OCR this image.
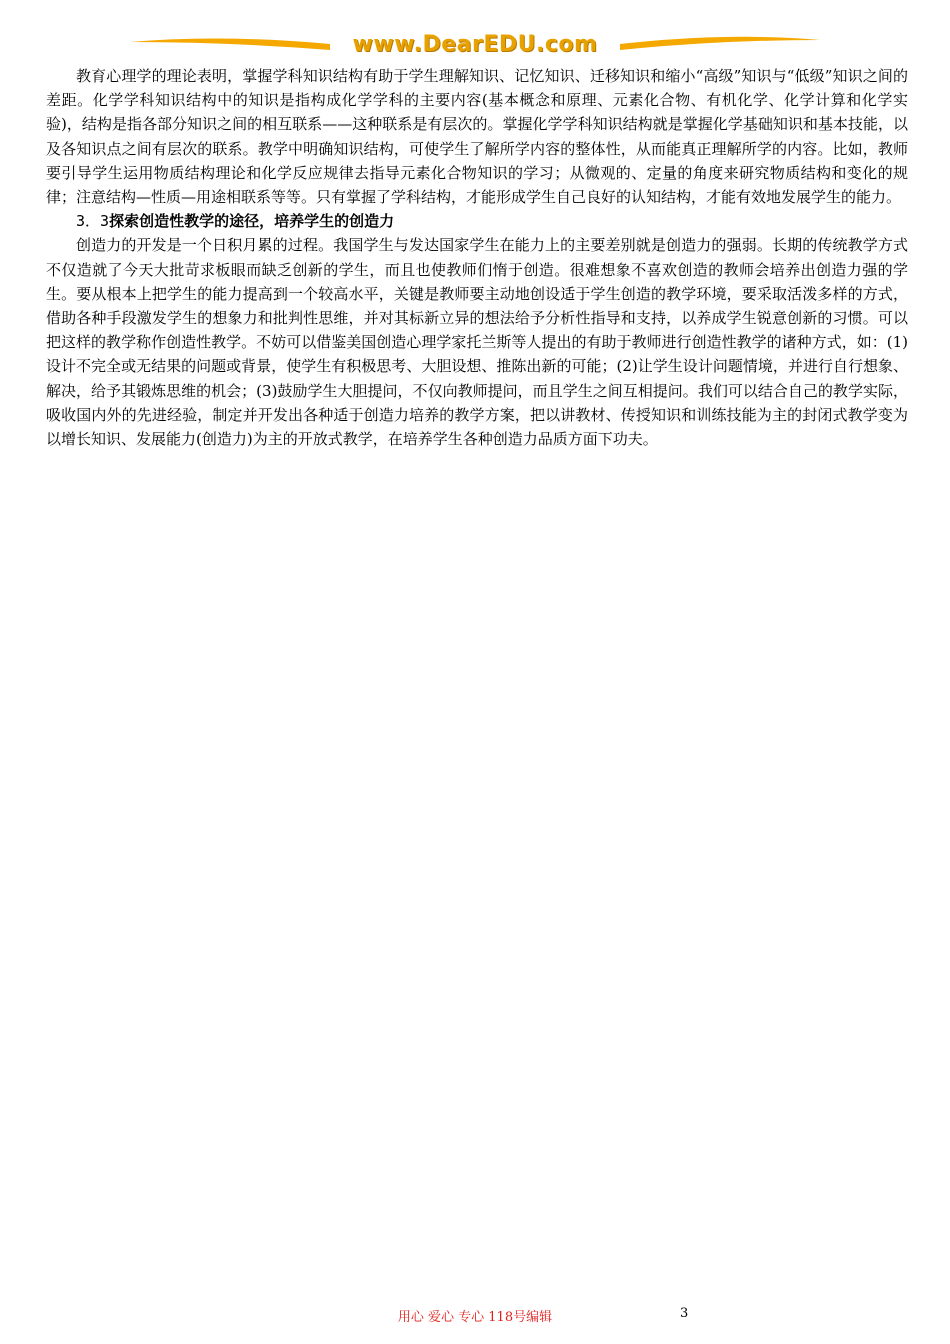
www.DearEDU.com

教育心理学的理论表明，掌握学科知识结构有助于学生理解知识、记忆知识、迁移知识和缩小“高级”知识与“低级”知识之间的差距。化学学科知识结构中的知识是指构成化学学科的主要内容(基本概念和原理、元素化合物、有机化学、化学计算和化学实验)，结构是指各部分知识之间的相互联系——这种联系是有层次的。掌握化学学科知识结构就是掌握化学基础知识和基本技能，以及各知识点之间有层次的联系。教学中明确知识结构，可使学生了解所学内容的整体性，从而能真正理解所学的内容。比如，教师要引导学生运用物质结构理论和化学反应规律去指导元素化合物知识的学习；从微观的、定量的角度来研究物质结构和变化的规律；注意结构—性质—用途相联系等等。只有掌握了学科结构，才能形成学生自己良好的认知结构，才能有效地发展学生的能力。

3．3探索创造性教学的途径，培养学生的创造力

创造力的开发是一个日积月累的过程。我国学生与发达国家学生在能力上的主要差别就是创造力的强弱。长期的传统教学方式不仅造就了今天大批苛求板眼而缺乏创新的学生，而且也使教师们惰于创造。很难想象不喜欢创造的教师会培养出创造力强的学生。要从根本上把学生的能力提高到一个较高水平，关键是教师要主动地创设适于学生创造的教学环境，要采取活泼多样的方式，借助各种手段激发学生的想象力和批判性思维，并对其标新立异的想法给予分析性指导和支持，以养成学生锐意创新的习惯。可以把这样的教学称作创造性教学。不妨可以借鉴美国创造心理学家托兰斯等人提出的有助于教师进行创造性教学的诸种方式，如：(1)设计不完全或无结果的问题或背景，使学生有积极思考、大胆设想、推陈出新的可能；(2)让学生设计问题情境，并进行自行想象、解决，给予其锻炼思维的机会；(3)鼓励学生大胆提问，不仅向教师提问，而且学生之间互相提问。我们可以结合自己的教学实际，吸收国内外的先进经验，制定并开发出各种适于创造力培养的教学方案，把以讲教材、传授知识和训练技能为主的封闭式教学变为以增长知识、发展能力(创造力)为主的开放式教学，在培养学生各种创造力品质方面下功夫。

用心 爱心 专心 118号编辑	3
